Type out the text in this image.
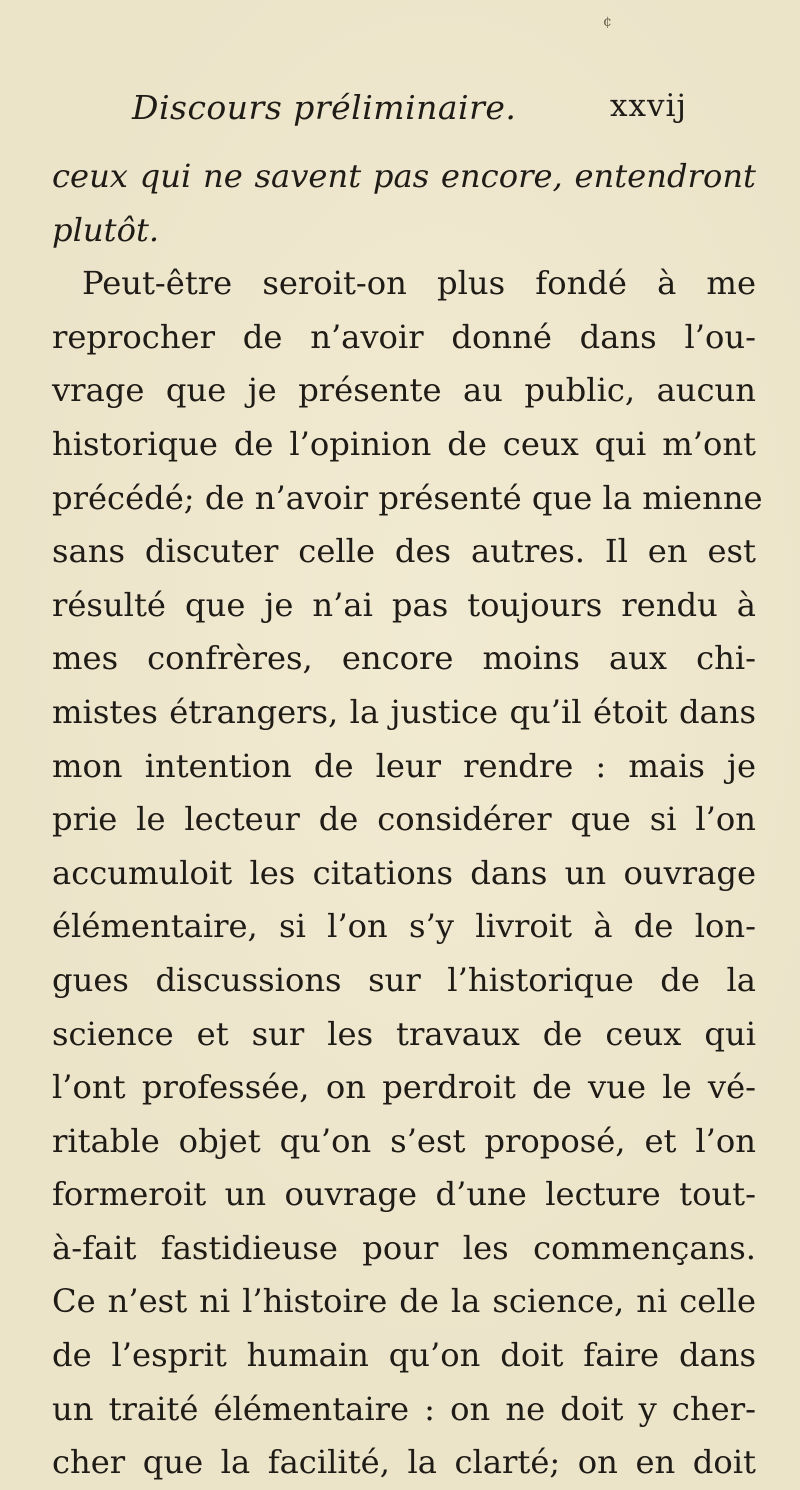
¢
Discours préliminaire.	xxvij
ceux qui ne savent pas encore, entendront
plutôt.
Peut-être seroit-on plus fondé à me
reprocher de n’avoir donné dans l’ou-
vrage que je présente au public, aucun
historique de l’opinion de ceux qui m’ont
précédé; de n’avoir présenté que la mienne
sans discuter celle des autres. Il en est
résulté que je n’ai pas toujours rendu à
mes confrères, encore moins aux chi-
mistes étrangers, la justice qu’il étoit dans
mon intention de leur rendre : mais je
prie le lecteur de considérer que si l’on
accumuloit les citations dans un ouvrage
élémentaire, si l’on s’y livroit à de lon-
gues discussions sur l’historique de la
science et sur les travaux de ceux qui
l’ont professée, on perdroit de vue le vé-
ritable objet qu’on s’est proposé, et l’on
formeroit un ouvrage d’une lecture tout-
à-fait fastidieuse pour les commençans.
Ce n’est ni l’histoire de la science, ni celle
de l’esprit humain qu’on doit faire dans
un traité élémentaire : on ne doit y cher-
cher que la facilité, la clarté; on en doit
